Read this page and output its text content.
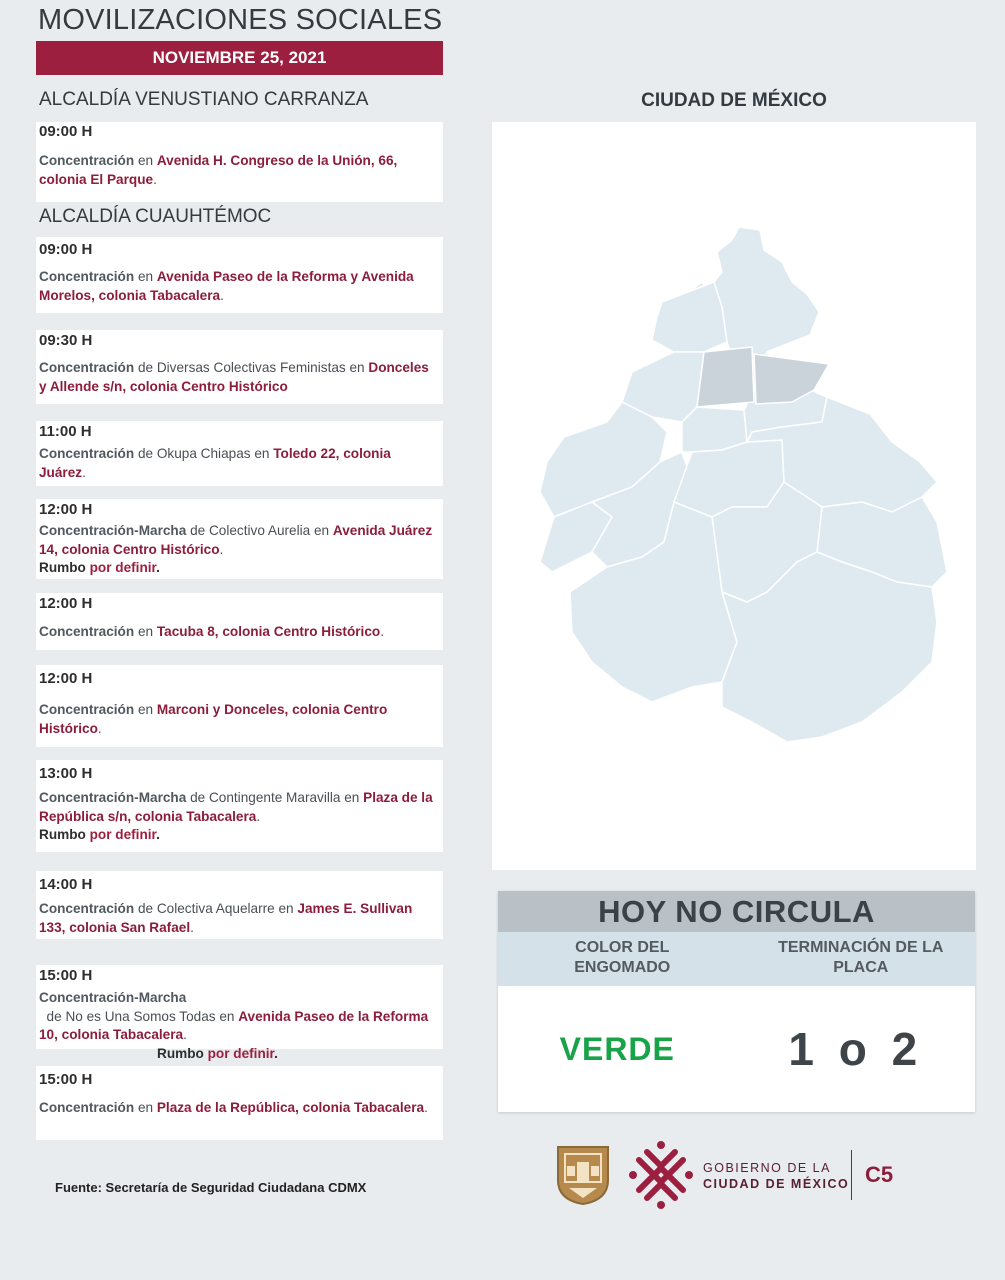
MOVILIZACIONES SOCIALES
NOVIEMBRE 25, 2021
ALCALDÍA VENUSTIANO CARRANZA
09:00 H
Concentración en Avenida H. Congreso de la Unión, 66, colonia El Parque.
ALCALDÍA CUAUHTÉMOC
09:00 H
Concentración en Avenida Paseo de la Reforma y Avenida Morelos, colonia Tabacalera.
09:30 H
Concentración de Diversas Colectivas Feministas en Donceles y Allende s/n, colonia Centro Histórico
11:00 H
Concentración de Okupa Chiapas en Toledo 22, colonia Juárez.
12:00 H
Concentración-Marcha de Colectivo Aurelia en Avenida Juárez 14, colonia Centro Histórico.
Rumbo por definir.
12:00 H
Concentración en Tacuba 8, colonia Centro Histórico.
12:00 H
Concentración en Marconi y Donceles, colonia Centro Histórico.
13:00 H
Concentración-Marcha de Contingente Maravilla en Plaza de la República s/n, colonia Tabacalera.
Rumbo por definir.
14:00 H
Concentración de Colectiva Aquelarre en James E. Sullivan 133, colonia San Rafael.
15:00 H
Concentración-Marcha  de No es Una Somos Todas en Avenida Paseo de la Reforma 10, colonia Tabacalera.
Rumbo por definir.
15:00 H
Concentración en Plaza de la República, colonia Tabacalera.
Fuente: Secretaría de Seguridad Ciudadana CDMX
CIUDAD DE MÉXICO
HOY NO CIRCULA
COLOR DEL ENGOMADO
TERMINACIÓN DE LA PLACA
VERDE	1 o 2
GOBIERNO DE LA
CIUDAD DE MÉXICO C5
